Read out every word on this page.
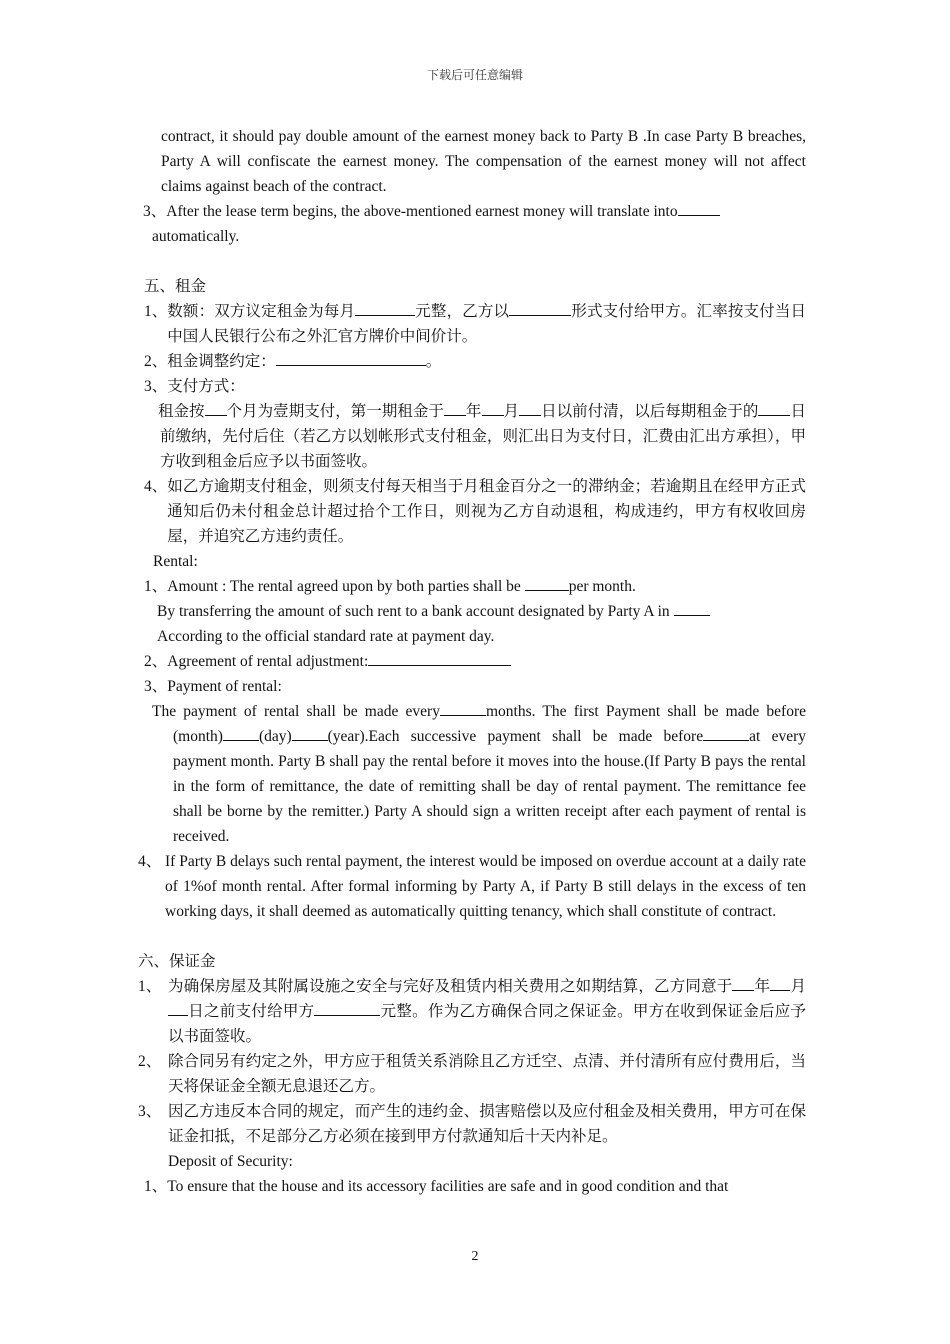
下载后可任意编辑

contract, it should pay double amount of the earnest money back to Party B .In case Party B breaches, Party A will confiscate the earnest money. The compensation of the earnest money will not affect claims against beach of the contract.

3、 After the lease term begins, the above-mentioned earnest money will translate into

automatically.

五、租金

1、 数额：双方议定租金为每月	元整，乙方以	形式支付给甲方。汇率按支付当日中国人民银行公布之外汇官方牌价中间价计。
2、 租金调整约定：	。
3、 支付方式：

租金按 个月为壹期支付，第一期租金于 年 月 日以前付清，以后每期租金于的 日前缴纳，先付后住（若乙方以划帐形式支付租金，则汇出日为支付日，汇费由汇出方承担），甲方收到租金后应予以书面签收。

4、 如乙方逾期支付租金，则须支付每天相当于月租金百分之一的滞纳金；若逾期且在经甲方正式通知后仍未付租金总计超过拾个工作日，则视为乙方自动退租，构成违约，甲方有权收回房屋，并追究乙方违约责任。

Rental:

1、 Amount : The rental agreed upon by both parties shall be	per month.

By transferring the amount of such rent to a bank account designated by Party A in

According to the official standard rate at payment day.

2、 Agreement of rental adjustment:
3、 Payment of rental:

The payment of rental shall be made every	months. The first Payment shall be made before (month) (day) (year).Each successive payment shall be made before	at every payment month. Party B shall pay the rental before it moves into the house.(If Party B pays the rental in the form of remittance, the date of remitting shall be day of rental payment. The remittance fee shall be borne by the remitter.) Party A should sign a written receipt after each payment of rental is received.

4、 If Party B delays such rental payment, the interest would be imposed on overdue account at a daily rate of 1%of month rental. After formal informing by Party A, if Party B still delays in the excess of ten working days, it shall deemed as automatically quitting tenancy, which shall constitute of contract.

六、保证金

1、 为确保房屋及其附属设施之安全与完好及租赁内相关费用之如期结算，乙方同意于 年 月日之前支付给甲方	元整。作为乙方确保合同之保证金。甲方在收到保证金后应予以书面签收。
2、 除合同另有约定之外，甲方应于租赁关系消除且乙方迁空、点清、并付清所有应付费用后，当天将保证金全额无息退还乙方。
3、 因乙方违反本合同的规定，而产生的违约金、损害赔偿以及应付租金及相关费用，甲方可在保证金扣抵，不足部分乙方必须在接到甲方付款通知后十天内补足。

Deposit of Security:

1、 To ensure that the house and its accessory facilities are safe and in good condition and that
2
